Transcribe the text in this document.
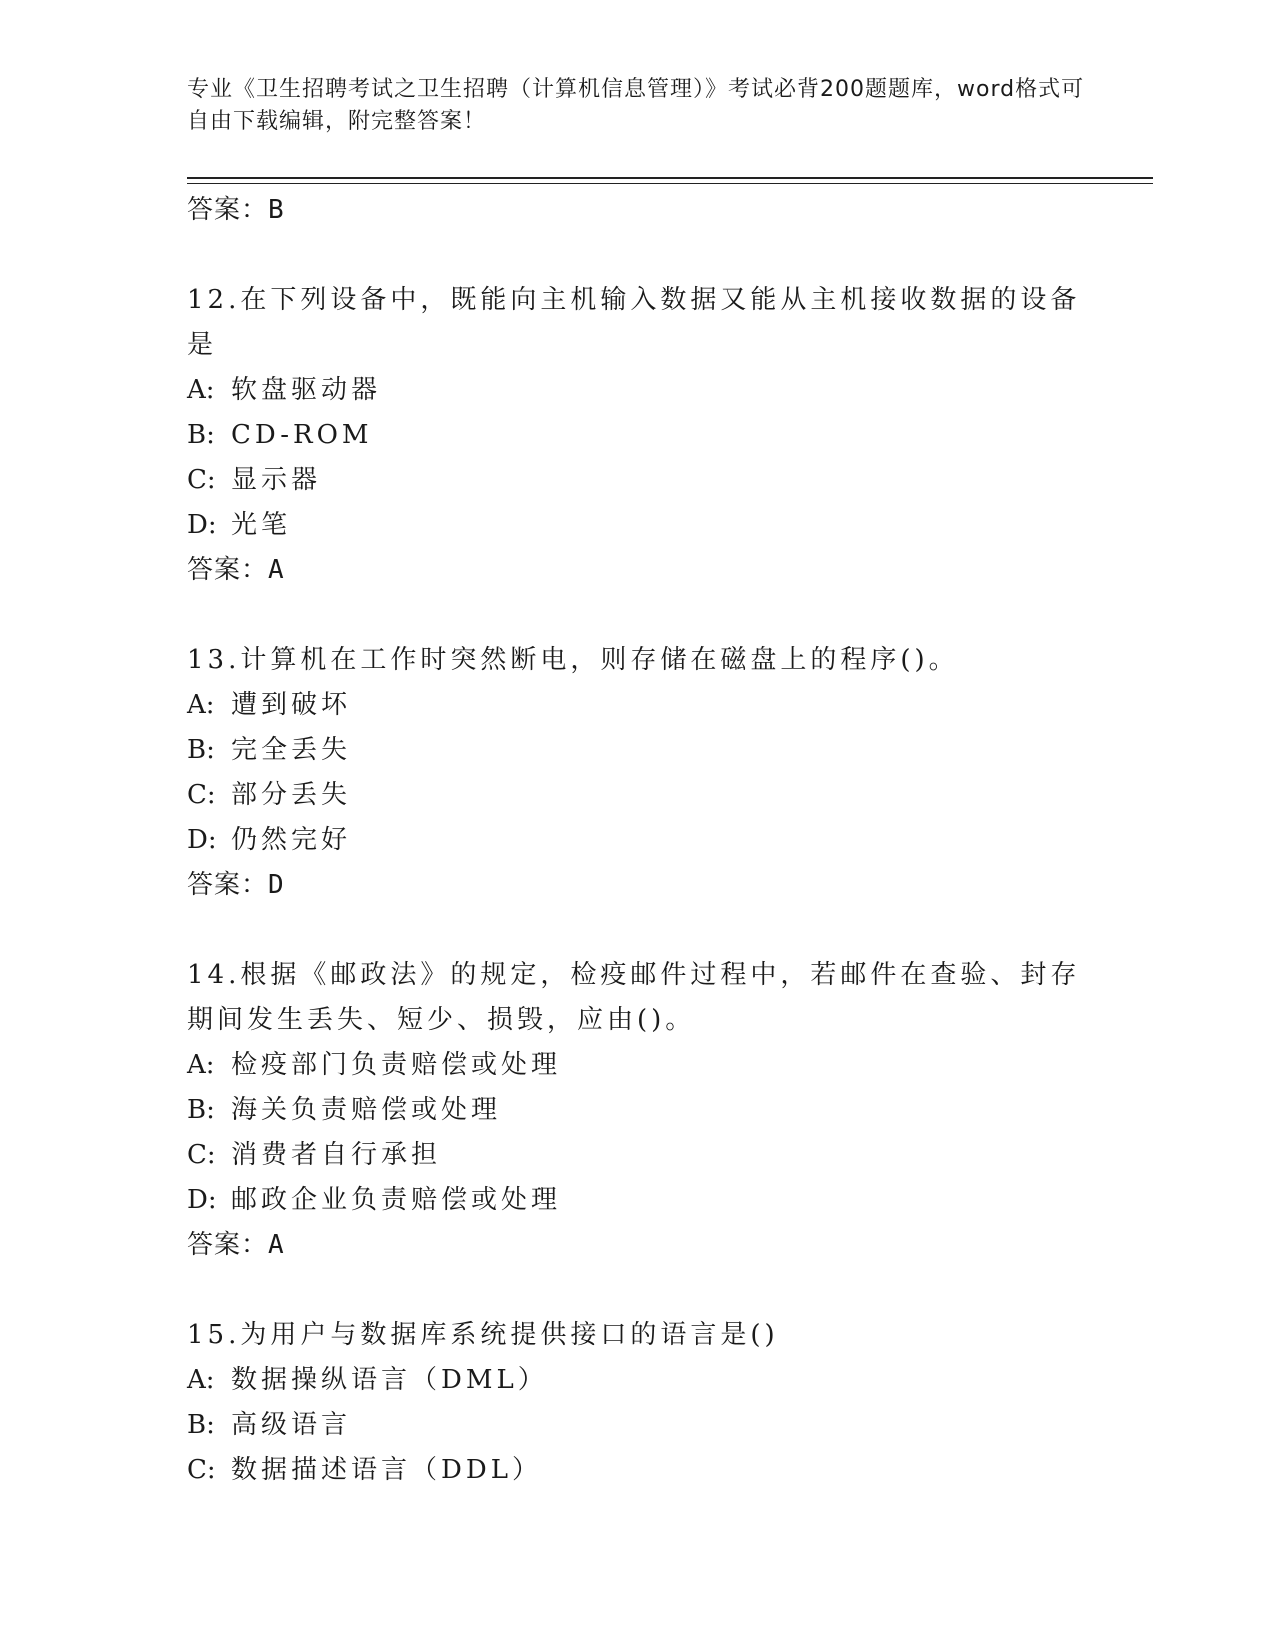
专业《卫生招聘考试之卫生招聘（计算机信息管理）》考试必背200题题库，word格式可自由下载编辑，附完整答案！
答案：B
12.在下列设备中，既能向主机输入数据又能从主机接收数据的设备是
A: 软盘驱动器
B: CD-ROM
C: 显示器
D: 光笔
答案：A
13.计算机在工作时突然断电，则存储在磁盘上的程序()。
A: 遭到破坏
B: 完全丢失
C: 部分丢失
D: 仍然完好
答案：D
14.根据《邮政法》的规定，检疫邮件过程中，若邮件在查验、封存期间发生丢失、短少、损毁，应由()。
A: 检疫部门负责赔偿或处理
B: 海关负责赔偿或处理
C: 消费者自行承担
D: 邮政企业负责赔偿或处理
答案：A
15.为用户与数据库系统提供接口的语言是()
A: 数据操纵语言（DML）
B: 高级语言
C: 数据描述语言（DDL）
